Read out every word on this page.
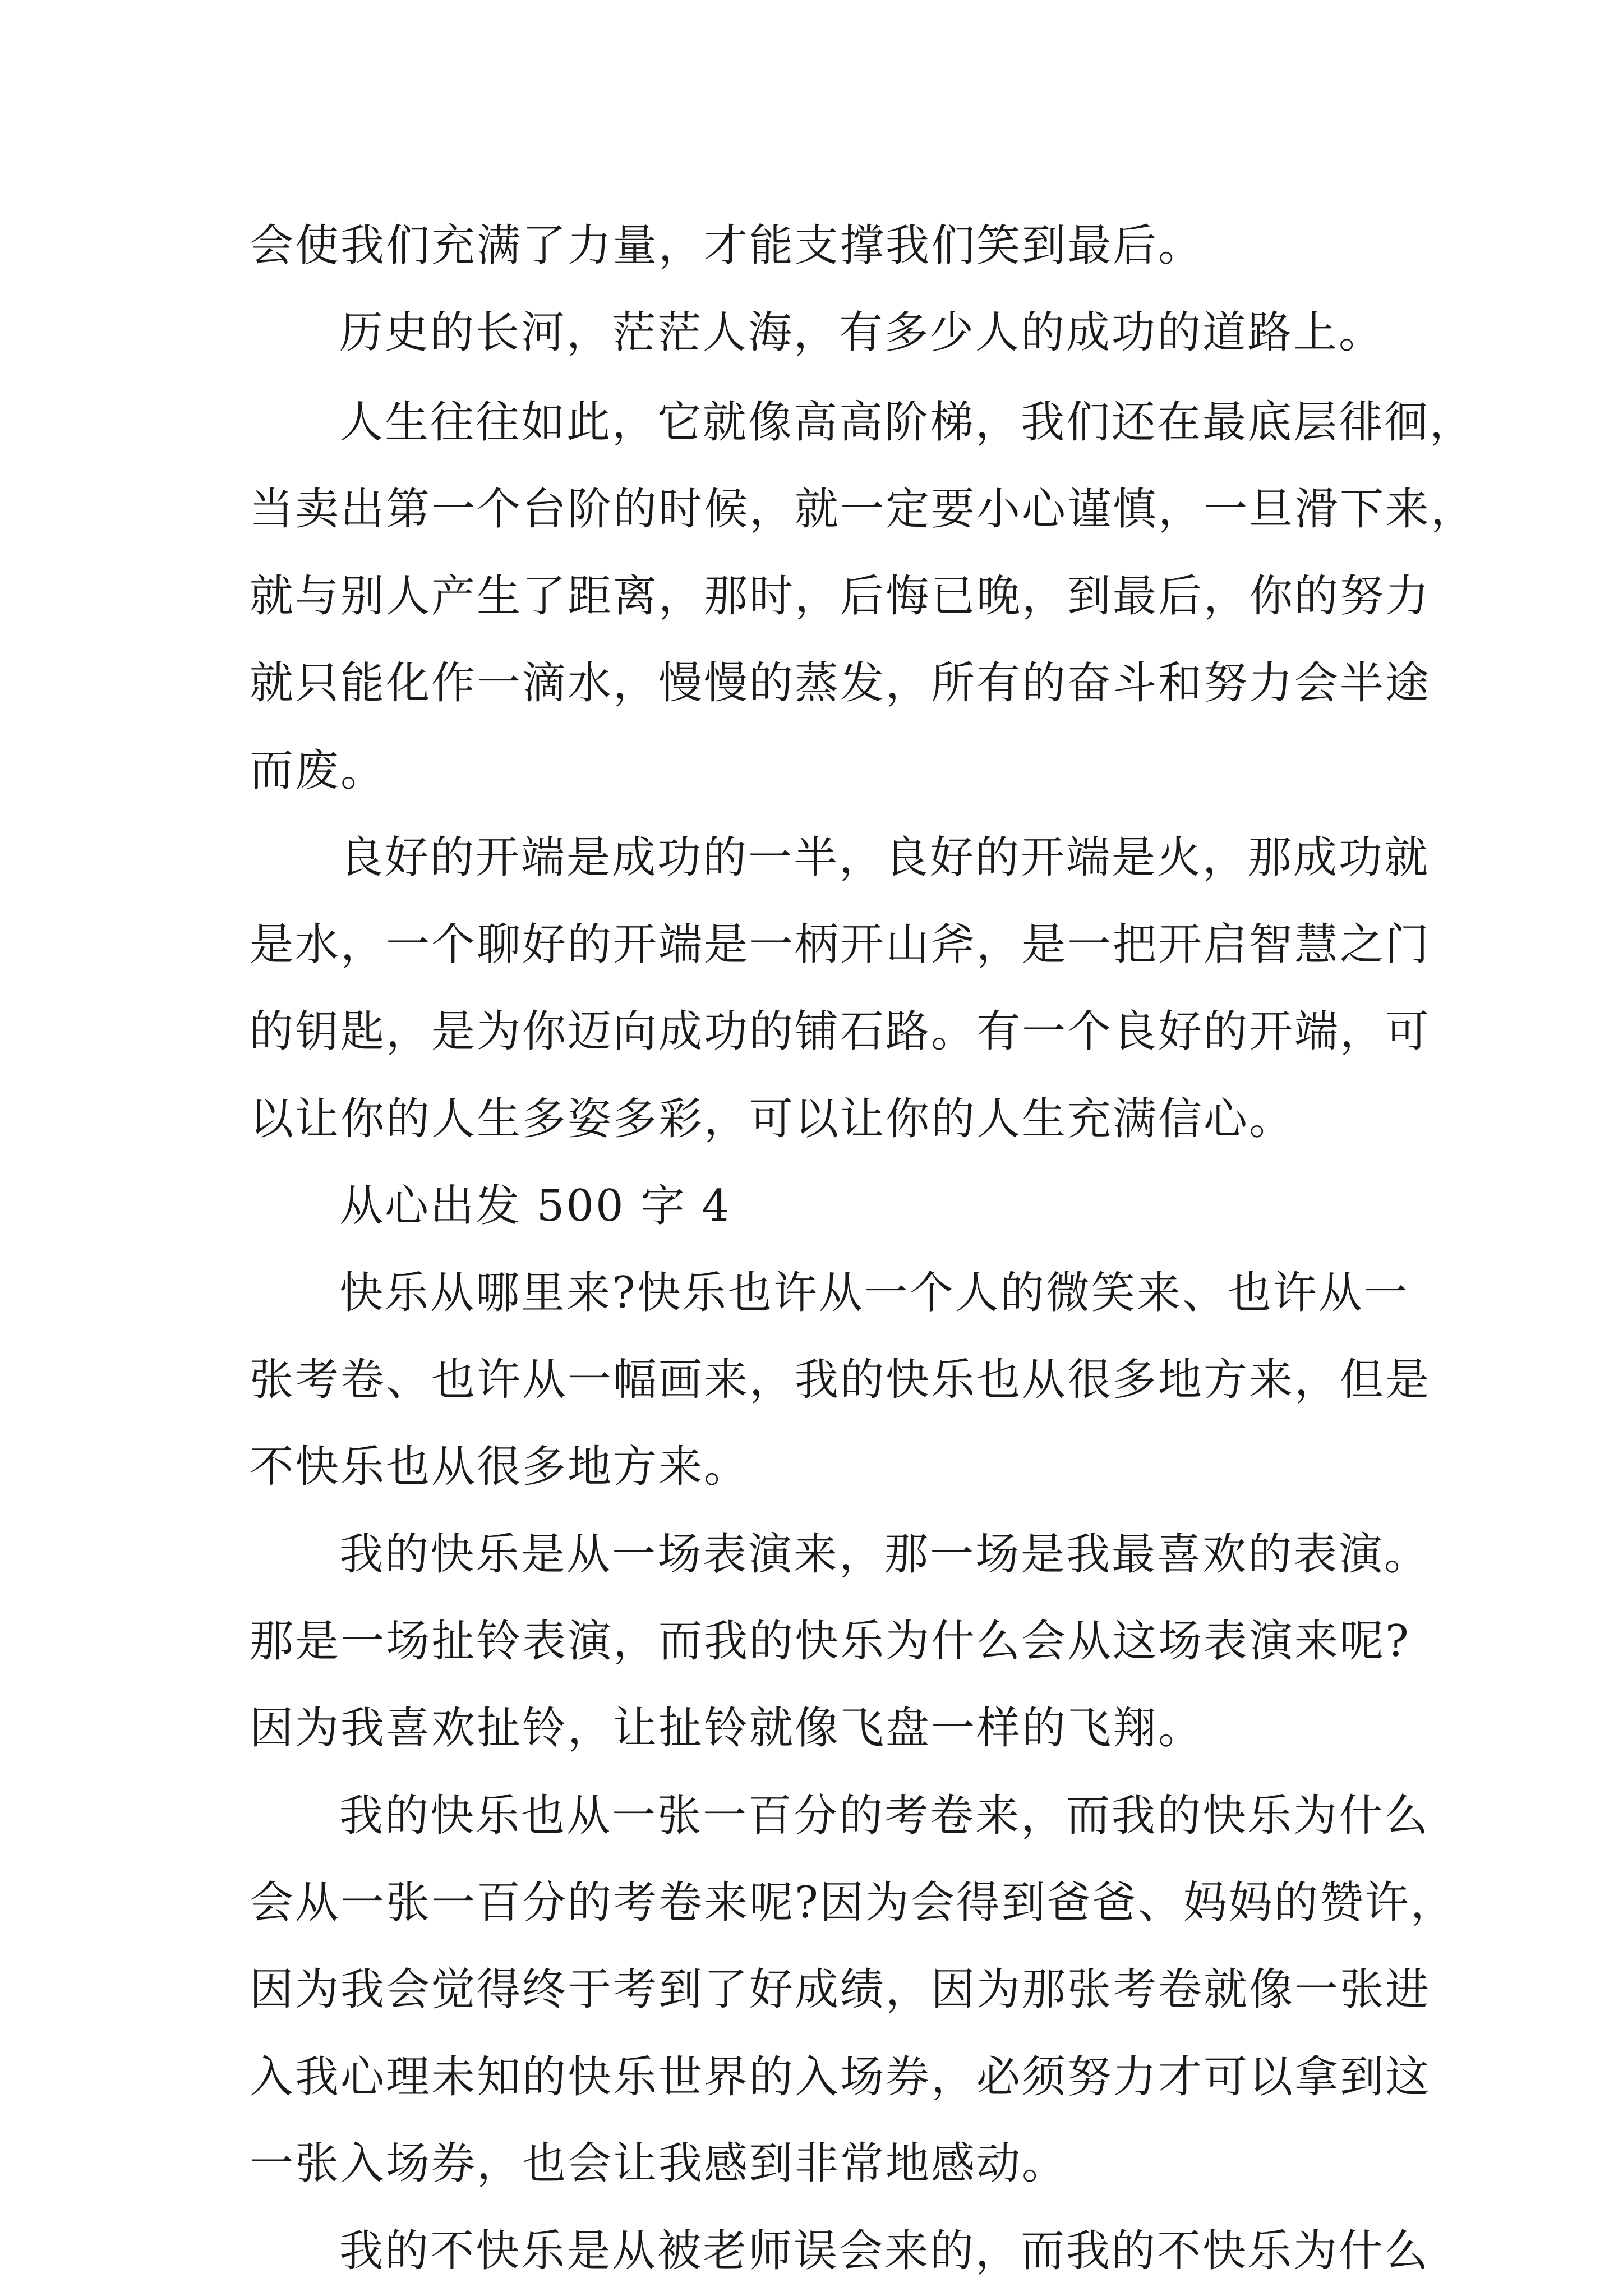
会使我们充满了力量，才能支撑我们笑到最后。

历史的长河，茫茫人海，有多少人的成功的道路上。

人生往往如此，它就像高高阶梯，我们还在最底层徘徊，

当卖出第一个台阶的时候，就一定要小心谨慎，一旦滑下来，

就与别人产生了距离，那时，后悔已晚，到最后，你的努力

就只能化作一滴水，慢慢的蒸发，所有的奋斗和努力会半途

而废。

良好的开端是成功的一半，良好的开端是火，那成功就

是水，一个聊好的开端是一柄开山斧，是一把开启智慧之门

的钥匙，是为你迈向成功的铺石路。有一个良好的开端，可

以让你的人生多姿多彩，可以让你的人生充满信心。

从心出发 500 字 4

快乐从哪里来?快乐也许从一个人的微笑来、也许从一

张考卷、也许从一幅画来，我的快乐也从很多地方来，但是

不快乐也从很多地方来。

我的快乐是从一场表演来，那一场是我最喜欢的表演。

那是一场扯铃表演，而我的快乐为什么会从这场表演来呢?

因为我喜欢扯铃，让扯铃就像飞盘一样的飞翔。

我的快乐也从一张一百分的考卷来，而我的快乐为什么

会从一张一百分的考卷来呢?因为会得到爸爸、妈妈的赞许，

因为我会觉得终于考到了好成绩，因为那张考卷就像一张进

入我心理未知的快乐世界的入场券，必须努力才可以拿到这

一张入场券，也会让我感到非常地感动。

我的不快乐是从被老师误会来的，而我的不快乐为什么
